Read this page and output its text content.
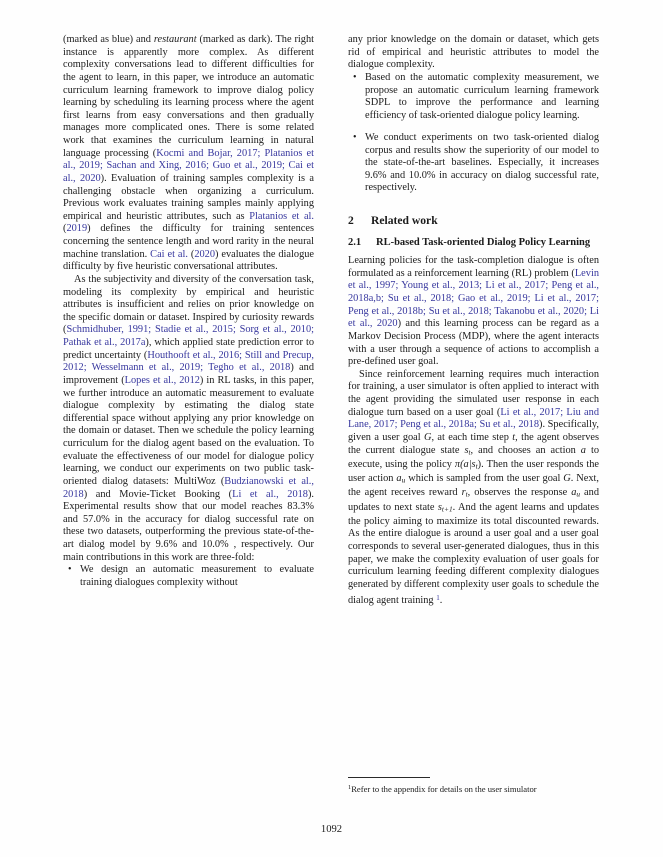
(marked as blue) and restaurant (marked as dark). The right instance is apparently more complex. As different complexity conversations lead to different difficulties for the agent to learn, in this paper, we introduce an automatic curriculum learning framework to improve dialog policy learning by scheduling its learning process where the agent first learns from easy conversations and then gradually manages more complicated ones. There is some related work that examines the curriculum learning in natural language processing (Kocmi and Bojar, 2017; Platanios et al., 2019; Sachan and Xing, 2016; Guo et al., 2019; Cai et al., 2020). Evaluation of training samples complexity is a challenging obstacle when organizing a curriculum. Previous work evaluates training samples mainly applying empirical and heuristic attributes, such as Platanios et al. (2019) defines the difficulty for training sentences concerning the sentence length and word rarity in the neural machine translation. Cai et al. (2020) evaluates the dialogue difficulty by five heuristic conversational attributes.

As the subjectivity and diversity of the conversation task, modeling its complexity by empirical and heuristic attributes is insufficient and relies on prior knowledge on the specific domain or dataset. Inspired by curiosity rewards (Schmidhuber, 1991; Stadie et al., 2015; Sorg et al., 2010; Pathak et al., 2017a), which applied state prediction error to predict uncertainty (Houthooft et al., 2016; Still and Precup, 2012; Wesselmann et al., 2019; Tegho et al., 2018) and improvement (Lopes et al., 2012) in RL tasks, in this paper, we further introduce an automatic measurement to evaluate dialogue complexity by estimating the dialog state differential space without applying any prior knowledge on the domain or dataset. Then we schedule the policy learning curriculum for the dialog agent based on the evaluation. To evaluate the effectiveness of our model for dialogue policy learning, we conduct our experiments on two public task-oriented dialog datasets: MultiWoz (Budzianowski et al., 2018) and Movie-Ticket Booking (Li et al., 2018). Experimental results show that our model reaches 83.3% and 57.0% in the accuracy for dialog successful rate on these two datasets, outperforming the previous state-of-the-art dialog model by 9.6% and 10.0% , respectively. Our main contributions in this work are three-fold:

• We design an automatic measurement to evaluate training dialogues complexity without

any prior knowledge on the domain or dataset, which gets rid of empirical and heuristic attributes to model the dialogue complexity.

• Based on the automatic complexity measurement, we propose an automatic curriculum learning framework SDPL to improve the performance and learning efficiency of task-oriented dialogue policy learning.
• We conduct experiments on two task-oriented dialog corpus and results show the superiority of our model to the state-of-the-art baselines. Especially, it increases 9.6% and 10.0% in accuracy on dialog successful rate, respectively.
2	Related work
2.1	RL-based Task-oriented Dialog Policy Learning

Learning policies for the task-completion dialogue is often formulated as a reinforcement learning (RL) problem (Levin et al., 1997; Young et al., 2013; Li et al., 2017; Peng et al., 2018a,b; Su et al., 2018; Gao et al., 2019; Li et al., 2017; Peng et al., 2018b; Su et al., 2018; Takanobu et al., 2020; Li et al., 2020) and this learning process can be regard as a Markov Decision Process (MDP), where the agent interacts with a user through a sequence of actions to accomplish a pre-defined user goal.

Since reinforcement learning requires much interaction for training, a user simulator is often applied to interact with the agent providing the simulated user response in each dialogue turn based on a user goal (Li et al., 2017; Liu and Lane, 2017; Peng et al., 2018a; Su et al., 2018). Specifically, given a user goal G, at each time step t, the agent observes the current dialogue state st, and chooses an action a to execute, using the policy π(a|st). Then the user responds the user action au which is sampled from the user goal G. Next, the agent receives reward rt, observes the response au and updates to next state st+1. And the agent learns and updates the policy aiming to maximize its total discounted rewards. As the entire dialogue is around a user goal and a user goal corresponds to several user-generated dialogues, thus in this paper, we make the complexity evaluation of user goals for curriculum learning feeding different complexity dialogues generated by different complexity user goals to schedule the dialog agent training $^1$.

$^1$Refer to the appendix for details on the user simulator
1092
